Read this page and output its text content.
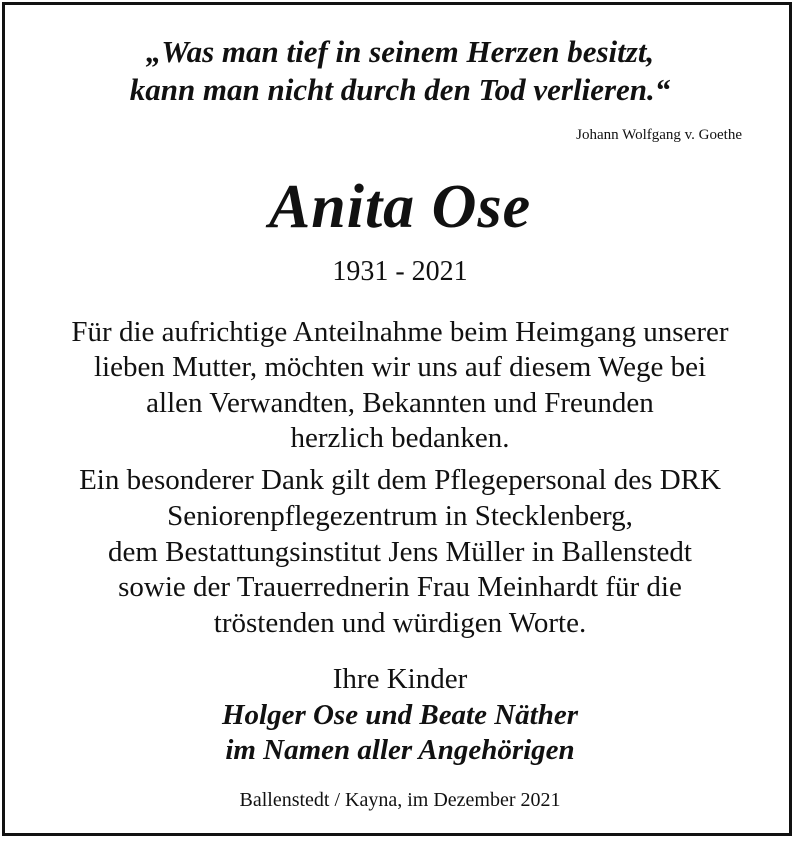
„Was man tief in seinem Herzen besitzt,

kann man nicht durch den Tod verlieren.“

Johann Wolfgang v. Goethe
Anita Ose

1931 - 2021

Für die aufrichtige Anteilnahme beim Heimgang unserer

lieben Mutter, möchten wir uns auf diesem Wege bei

allen Verwandten, Bekannten und Freunden

herzlich bedanken.

Ein besonderer Dank gilt dem Pflegepersonal des DRK

Seniorenpflegezentrum in Stecklenberg,

dem Bestattungsinstitut Jens Müller in Ballenstedt

sowie der Trauerrednerin Frau Meinhardt für die

tröstenden und würdigen Worte.

Ihre Kinder

Holger Ose und Beate Näther

im Namen aller Angehörigen

Ballenstedt / Kayna, im Dezember 2021
